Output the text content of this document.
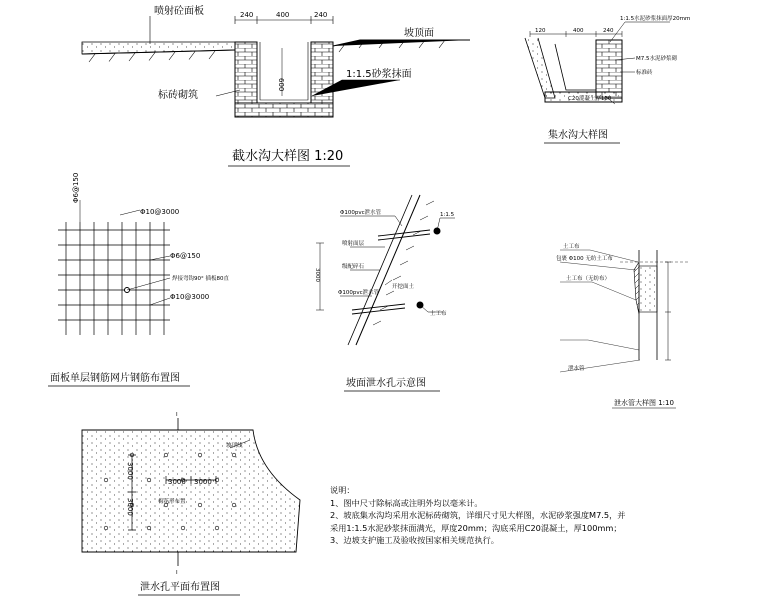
喷射砼面板
坡顶面
1:1.5砂浆抹面
标砖砌筑
240	400	240
600
截水沟大样图 1:20
120	400	240
1:1.5水泥砂浆抹面厚20mm
M7.5水泥砂浆砌
标准砖
C20混凝土厚100
集水沟大样图
Φ6@150
Φ10@3000
Φ6@150
焊接弯钩90° 插板80直
Φ10@3000
面板单层钢筋网片钢筋布置图
Φ100pvc泄水管
喷射面层
级配碎石
开挖面土
Φ100pvc泄水管
1:1.5
土工布
3000
坡面泄水孔示意图
土工布
包裹 Φ100 无纺土工布
土工布（无纺布）
泄水管
泄水管大样图 1:10
I
I
3000 3000
3000
3000	梅花形布置
坡顶线
泄水孔平面布置图
说明：
1、图中尺寸除标高或注明外均以毫米计。
2、坡底集水沟均采用水泥标砖砌筑，详细尺寸见大样图，水泥砂浆强度M7.5，并
采用1:1.5水泥砂浆抹面满光，厚度20mm；沟底采用C20混凝土，厚100mm；
3、边坡支护施工及验收按国家相关规范执行。
